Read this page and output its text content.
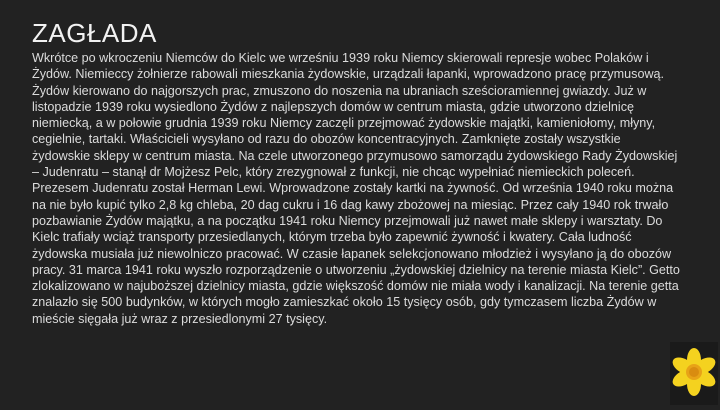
ZAGŁADA

Wkrótce po wkroczeniu Niemców do Kielc we wrześniu 1939 roku Niemcy skierowali represje wobec Polaków i Żydów. Niemieccy żołnierze rabowali mieszkania żydowskie, urządzali łapanki, wprowadzono pracę przymusową. Żydów kierowano do najgorszych prac, zmuszono do noszenia na ubraniach sześcioramiennej gwiazdy. Już w listopadzie 1939 roku wysiedlono Żydów z najlepszych domów w centrum miasta, gdzie utworzono dzielnicę niemiecką, a w połowie grudnia 1939 roku Niemcy zaczęli przejmować żydowskie majątki, kamieniołomy, młyny, cegielnie, tartaki. Właścicieli wysyłano od razu do obozów koncentracyjnych. Zamknięte zostały wszystkie żydowskie sklepy w centrum miasta. Na czele utworzonego przymusowo samorządu żydowskiego Rady Żydowskiej – Judenratu – stanął dr Mojżesz Pelc, który zrezygnował z funkcji, nie chcąc wypełniać niemieckich poleceń. Prezesem Judenratu został Herman Lewi. Wprowadzone zostały kartki na żywność. Od września 1940 roku można na nie było kupić tylko 2,8 kg chleba, 20 dag cukru i 16 dag kawy zbożowej na miesiąc. Przez cały 1940 rok trwało pozbawianie Żydów majątku, a na początku 1941 roku Niemcy przejmowali już nawet małe sklepy i warsztaty. Do Kielc trafiały wciąż transporty przesiedlanych, którym trzeba było zapewnić żywność i kwatery. Cała ludność żydowska musiała już niewolniczo pracować. W czasie łapanek selekcjonowano młodzież i wysyłano ją do obozów pracy. 31 marca 1941 roku wyszło rozporządzenie o utworzeniu „żydowskiej dzielnicy na terenie miasta Kielc”. Getto zlokalizowano w najuboższej dzielnicy miasta, gdzie większość domów nie miała wody i kanalizacji. Na terenie getta znalazło się 500 budynków, w których mogło zamieszkać około 15 tysięcy osób, gdy tymczasem liczba Żydów w mieście sięgała już wraz z przesiedlonymi 27 tysięcy.
